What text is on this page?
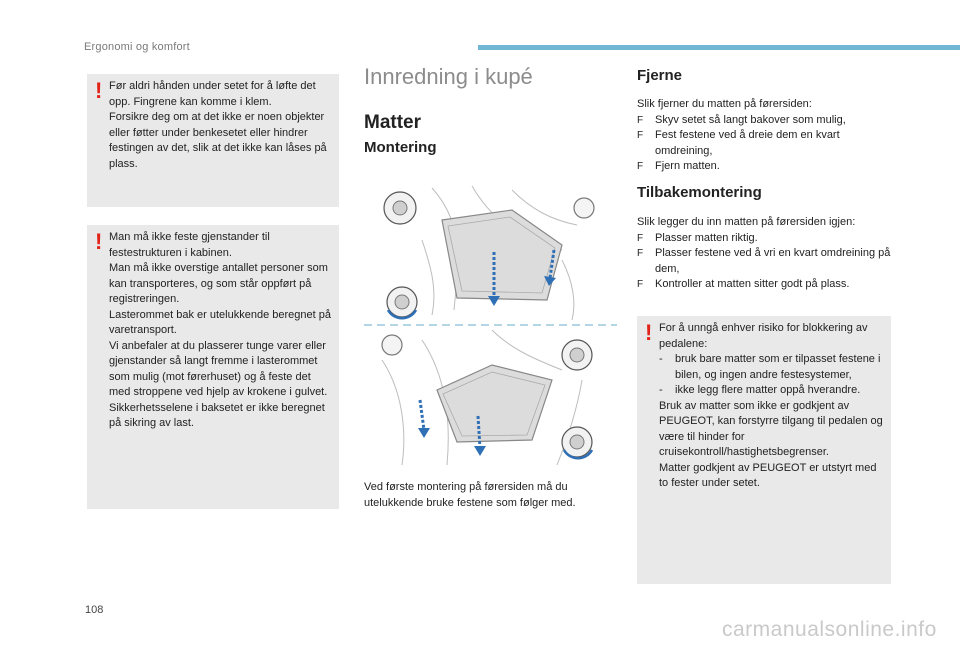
Ergonomi og komfort
! Før aldri hånden under setet for å løfte det opp. Fingrene kan komme i klem.

Forsikre deg om at det ikke er noen objekter eller føtter under benkesetet eller hindrer festingen av det, slik at det ikke kan låses på plass.

! Man må ikke feste gjenstander til festestrukturen i kabinen.

Man må ikke overstige antallet personer som kan transporteres, og som står oppført på registreringen.

Lasterommet bak er utelukkende beregnet på varetransport.

Vi anbefaler at du plasserer tunge varer eller gjenstander så langt fremme i lasterommet som mulig (mot førerhuset) og å feste det med stroppene ved hjelp av krokene i gulvet.

Sikkerhetsselene i baksetet er ikke beregnet på sikring av last.

Innredning i kupé
Matter
Montering

Ved første montering på førersiden må du utelukkende bruke festene som følger med.

Fjerne

Slik fjerner du matten på førersiden:

F Skyv setet så langt bakover som mulig,
F Fest festene ved å dreie dem en kvart omdreining,
F Fjern matten.
Tilbakemontering

Slik legger du inn matten på førersiden igjen:

F Plasser matten riktig.
F Plasser festene ved å vri en kvart omdreining på dem,
F Kontroller at matten sitter godt på plass.
! For å unngå enhver risiko for blokkering av pedalene:

- bruk bare matter som er tilpasset festene i bilen, og ingen andre festesystemer,
- ikke legg flere matter oppå hverandre.

Bruk av matter som ikke er godkjent av PEUGEOT, kan forstyrre tilgang til pedalen og være til hinder for cruisekontroll/hastighetsbegrenser.

Matter godkjent av PEUGEOT er utstyrt med to fester under setet.

108
carmanualsonline.info
